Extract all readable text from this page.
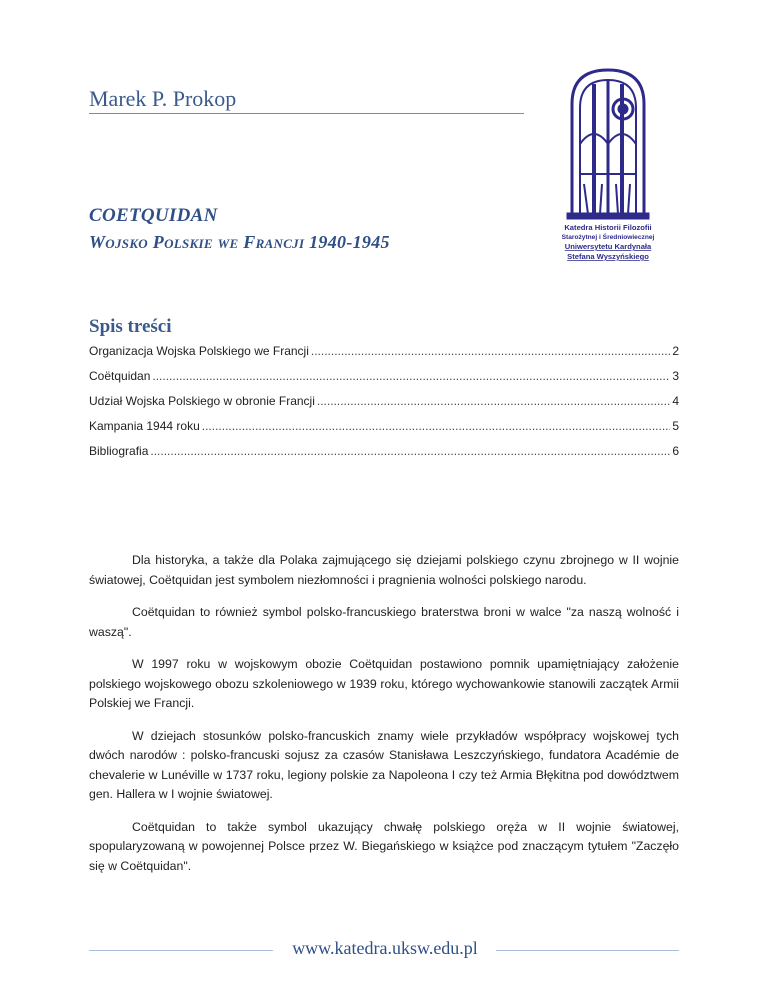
Marek P. Prokop
COETQUIDAN
Wojsko Polskie we Francji 1940-1945
Katedra Historii Filozofii
Starożytnej i Średniowiecznej
Uniwersytetu Kardynała
Stefana Wyszyńskiego
Spis treści
Organizacja Wojska Polskiego we Francji .....	2
Coëtquidan .....	3
Udział Wojska Polskiego w obronie Francji .....	4
Kampania 1944 roku .....	5
Bibliografia .....	6

Dla historyka, a także dla Polaka zajmującego się dziejami polskiego czynu zbrojnego w II wojnie światowej, Coëtquidan jest symbolem niezłomności i pragnienia wolności polskiego narodu.

Coëtquidan to również symbol polsko-francuskiego braterstwa broni w walce "za naszą wolność i waszą".

W 1997 roku w wojskowym obozie Coëtquidan postawiono pomnik upamiętniający założenie polskiego wojskowego obozu szkoleniowego w 1939 roku, którego wychowankowie stanowili zaczątek Armii Polskiej we Francji.

W dziejach stosunków polsko-francuskich znamy wiele przykładów współpracy wojskowej tych dwóch narodów : polsko-francuski sojusz za czasów Stanisława Leszczyńskiego, fundatora Académie de chevalerie w Lunéville w 1737 roku, legiony polskie za Napoleona I czy też Armia Błękitna pod dowództwem gen. Hallera w I wojnie światowej.

Coëtquidan to także symbol ukazujący chwałę polskiego oręża w II wojnie światowej, spopularyzowaną w powojennej Polsce przez W. Biegańskiego w książce pod znaczącym tytułem "Zaczęło się w Coëtquidan".

www.katedra.uksw.edu.pl
